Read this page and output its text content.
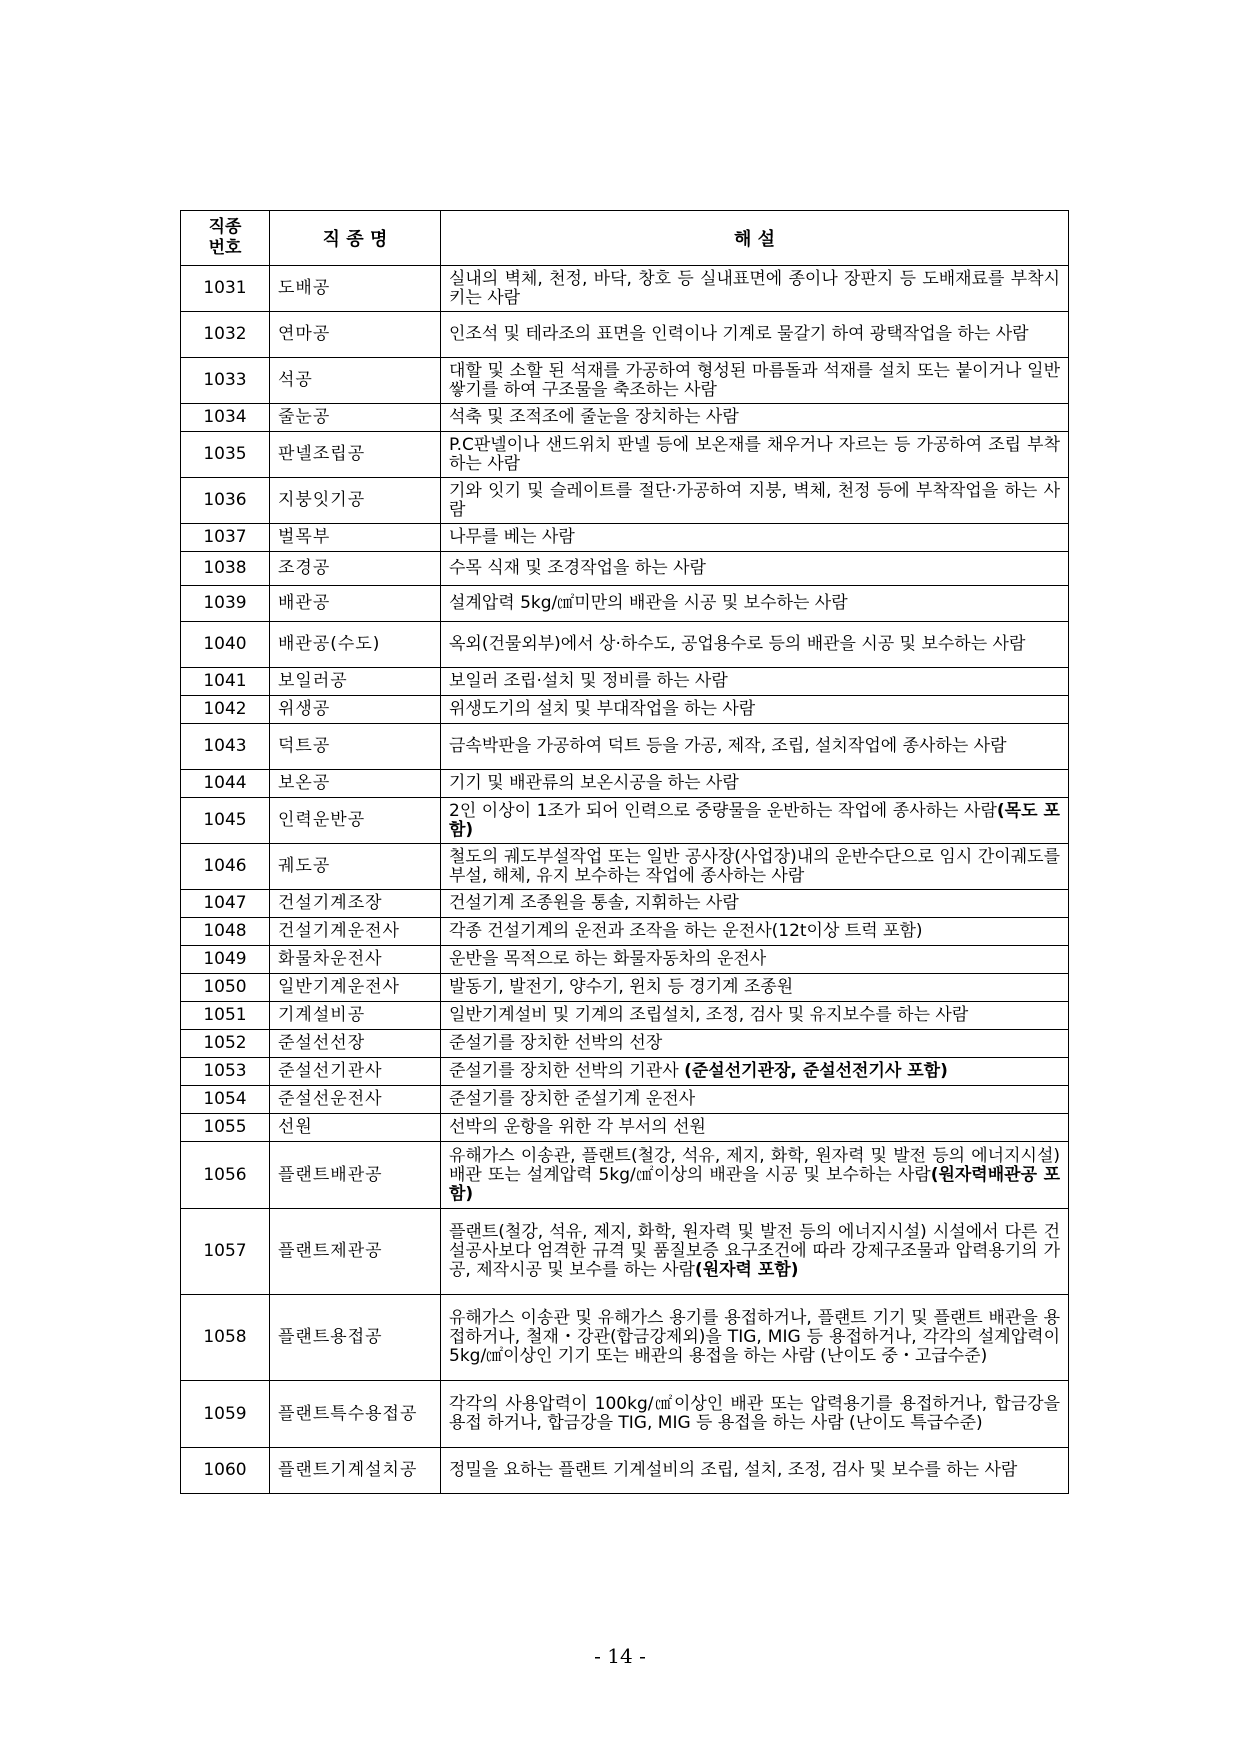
직종
번호	직 종 명	해 설
1031	도배공	실내의 벽체, 천정, 바닥, 창호 등 실내표면에 종이나 장판지 등 도배재료를 부착시키는 사람
1032	연마공	인조석 및 테라조의 표면을 인력이나 기계로 물갈기 하여 광택작업을 하는 사람
1033	석공	대할 및 소할 된 석재를 가공하여 형성된 마름돌과 석재를 설치 또는 붙이거나 일반 쌓기를 하여 구조물을 축조하는 사람
1034	줄눈공	석축 및 조적조에 줄눈을 장치하는 사람
1035	판넬조립공	P.C판넬이나 샌드위치 판넬 등에 보온재를 채우거나 자르는 등 가공하여 조립 부착하는 사람
1036	지붕잇기공	기와 잇기 및 슬레이트를 절단·가공하여 지붕, 벽체, 천정 등에 부착작업을 하는 사람
1037	벌목부	나무를 베는 사람
1038	조경공	수목 식재 및 조경작업을 하는 사람
1039	배관공	설계압력 5kg/㎠미만의 배관을 시공 및 보수하는 사람
1040	배관공(수도)	옥외(건물외부)에서 상·하수도, 공업용수로 등의 배관을 시공 및 보수하는 사람
1041	보일러공	보일러 조립·설치 및 정비를 하는 사람
1042	위생공	위생도기의 설치 및 부대작업을 하는 사람
1043	덕트공	금속박판을 가공하여 덕트 등을 가공, 제작, 조립, 설치작업에 종사하는 사람
1044	보온공	기기 및 배관류의 보온시공을 하는 사람
1045	인력운반공	2인 이상이 1조가 되어 인력으로 중량물을 운반하는 작업에 종사하는 사람(목도 포함)
1046	궤도공	철도의 궤도부설작업 또는 일반 공사장(사업장)내의 운반수단으로 임시 간이궤도를 부설, 해체, 유지 보수하는 작업에 종사하는 사람
1047	건설기계조장	건설기계 조종원을 통솔, 지휘하는 사람
1048	건설기계운전사	각종 건설기계의 운전과 조작을 하는 운전사(12t이상 트럭 포함)
1049	화물차운전사	운반을 목적으로 하는 화물자동차의 운전사
1050	일반기계운전사	발동기, 발전기, 양수기, 윈치 등 경기계 조종원
1051	기계설비공	일반기계설비 및 기계의 조립설치, 조정, 검사 및 유지보수를 하는 사람
1052	준설선선장	준설기를 장치한 선박의 선장
1053	준설선기관사	준설기를 장치한 선박의 기관사 (준설선기관장, 준설선전기사 포함)
1054	준설선운전사	준설기를 장치한 준설기계 운전사
1055	선원	선박의 운항을 위한 각 부서의 선원
1056	플랜트배관공	유해가스 이송관, 플랜트(철강, 석유, 제지, 화학, 원자력 및 발전 등의 에너지시설)배관 또는 설계압력 5kg/㎠이상의 배관을 시공 및 보수하는 사람(원자력배관공 포함)
1057	플랜트제관공	플랜트(철강, 석유, 제지, 화학, 원자력 및 발전 등의 에너지시설) 시설에서 다른 건설공사보다 엄격한 규격 및 품질보증 요구조건에 따라 강제구조물과 압력용기의 가공, 제작시공 및 보수를 하는 사람(원자력 포함)
1058	플랜트용접공	유해가스 이송관 및 유해가스 용기를 용접하거나, 플랜트 기기 및 플랜트 배관을 용접하거나, 철재・강관(합금강제외)을 TIG, MIG 등 용접하거나, 각각의 설계압력이 5kg/㎠이상인 기기 또는 배관의 용접을 하는 사람 (난이도 중・고급수준)
1059	플랜트특수용접공	각각의 사용압력이 100kg/㎠이상인 배관 또는 압력용기를 용접하거나, 합금강을 용접 하거나, 합금강을 TIG, MIG 등 용접을 하는 사람 (난이도 특급수준)
1060	플랜트기계설치공	정밀을 요하는 플랜트 기계설비의 조립, 설치, 조정, 검사 및 보수를 하는 사람
- 14 -
